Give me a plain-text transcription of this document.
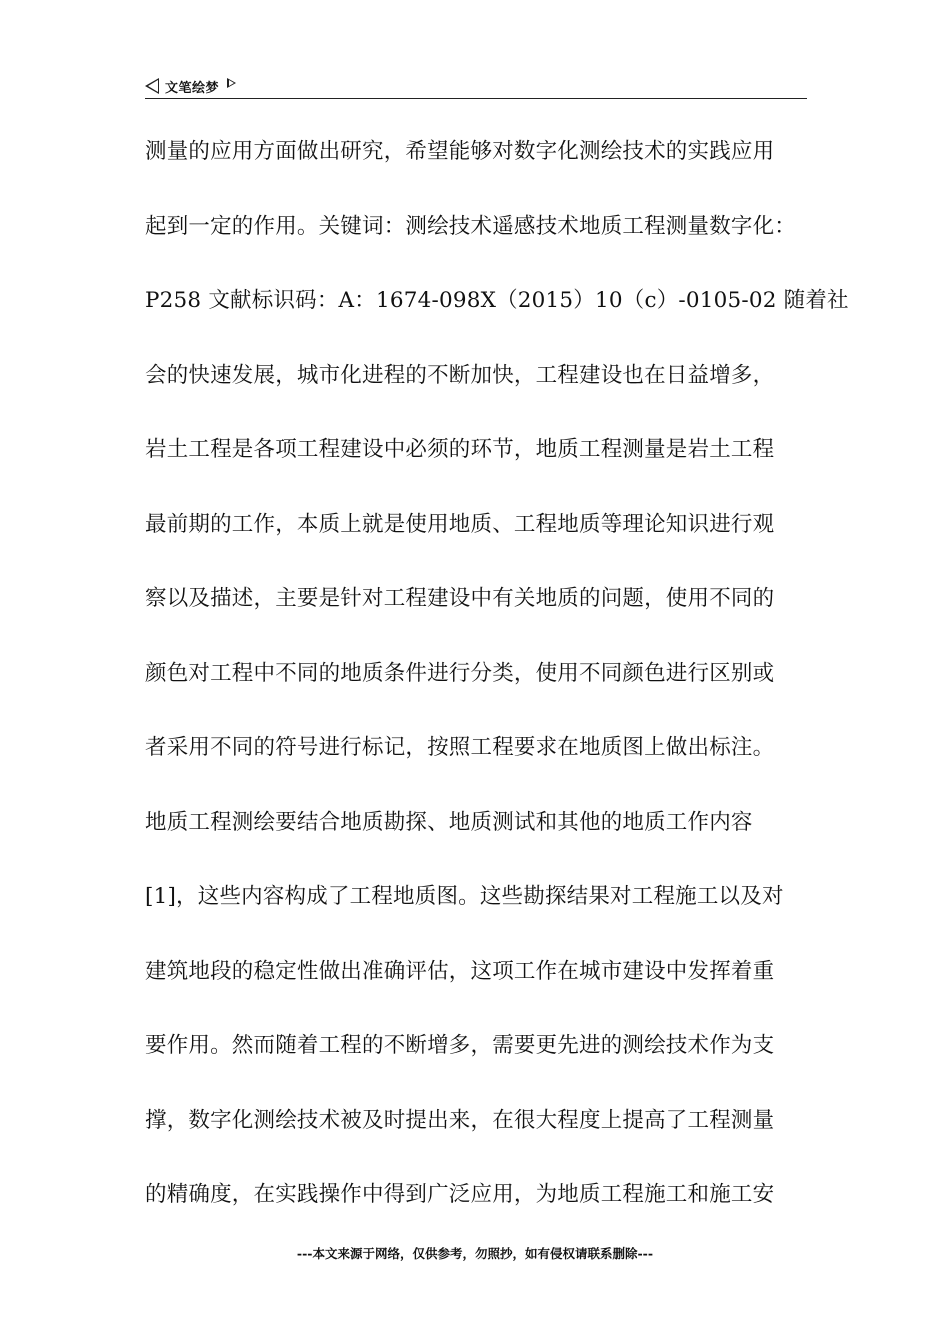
文笔绘梦
测量的应用方面做出研究，希望能够对数字化测绘技术的实践应用
起到一定的作用。关键词：测绘技术遥感技术地质工程测量数字化：
P258 文献标识码：A：1674-098X（2015）10（c）-0105-02 随着社
会的快速发展，城市化进程的不断加快，工程建设也在日益增多，
岩土工程是各项工程建设中必须的环节，地质工程测量是岩土工程
最前期的工作，本质上就是使用地质、工程地质等理论知识进行观
察以及描述，主要是针对工程建设中有关地质的问题，使用不同的
颜色对工程中不同的地质条件进行分类，使用不同颜色进行区别或
者采用不同的符号进行标记，按照工程要求在地质图上做出标注。
地质工程测绘要结合地质勘探、地质测试和其他的地质工作内容
[1]，这些内容构成了工程地质图。这些勘探结果对工程施工以及对
建筑地段的稳定性做出准确评估，这项工作在城市建设中发挥着重
要作用。然而随着工程的不断增多，需要更先进的测绘技术作为支
撑，数字化测绘技术被及时提出来，在很大程度上提高了工程测量
的精确度，在实践操作中得到广泛应用，为地质工程施工和施工安
---本文来源于网络，仅供参考，勿照抄，如有侵权请联系删除---
